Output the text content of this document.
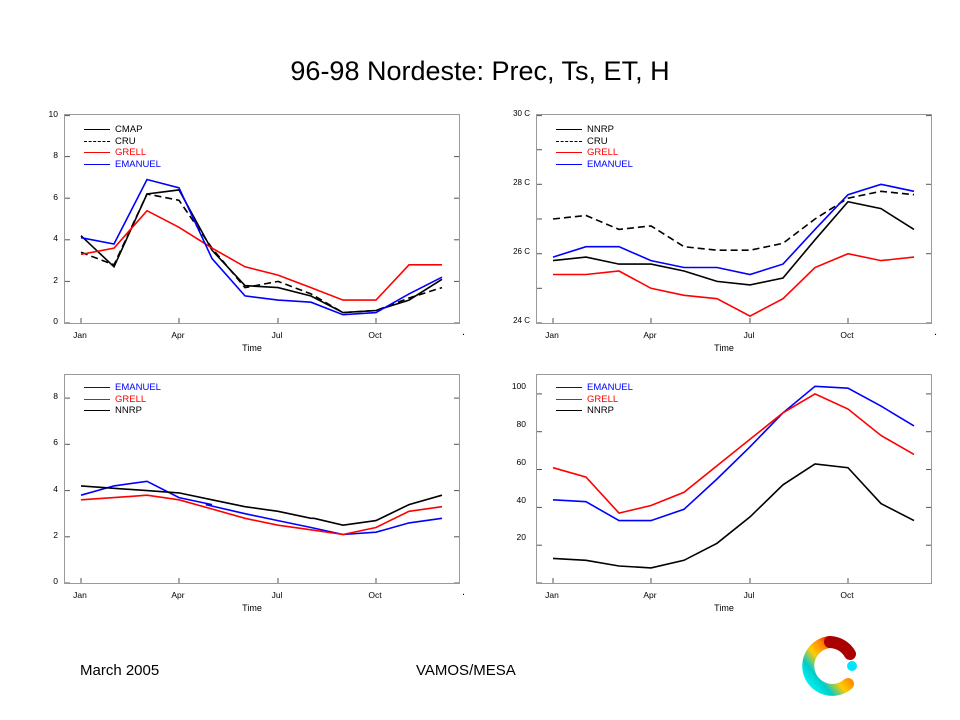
96-98 Nordeste: Prec, Ts, ET, H
CMAP
CRU
GRELL
EMANUEL
10
8
6
4
2
0
Jan	Apr	Jul	Oct	.
Time
NNRP
CRU
GRELL
EMANUEL
30 C
28 C
26 C
24 C
Jan	Apr	Jul	Oct	.
Time
EMANUEL
GRELL
NNRP
8
6
4
2
0
Jan	Apr	Jul	Oct	.
Time
EMANUEL
GRELL
NNRP
100
80
60
40
20
Jan	Apr	Jul	Oct
Time
March 2005	VAMOS/MESA
